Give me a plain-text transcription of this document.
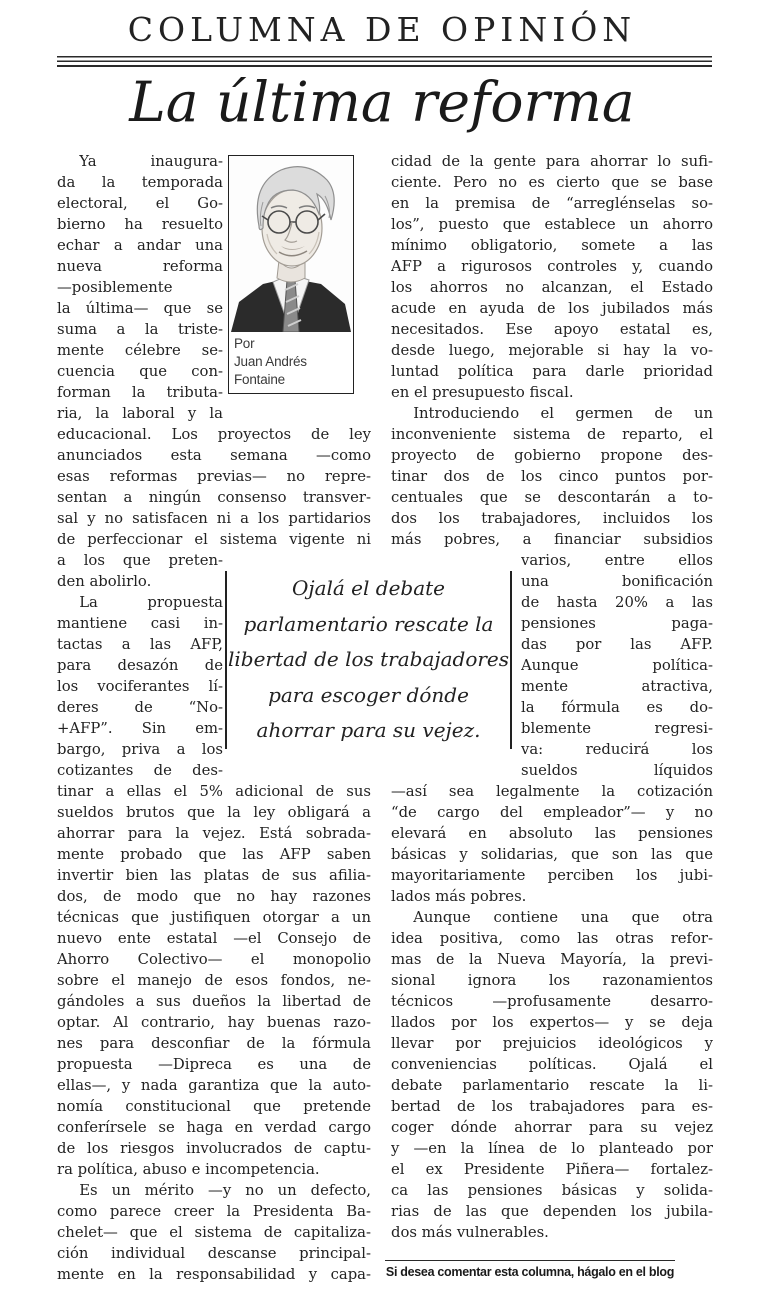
COLUMNA DE OPINIÓN
La última reforma
Ya inaugura-
da la temporada
electoral, el Go-
bierno ha resuelto
echar a andar una
nueva reforma
—posiblemente
la última— que se
suma a la triste-
mente célebre se-
cuencia que con-
forman la tributa-
ria, la laboral y la
Por
Juan Andrés
Fontaine
educacional. Los proyectos de ley
anunciados esta semana —como
esas reformas previas— no repre-
sentan a ningún consenso transver-
sal y no satisfacen ni a los partidarios
de perfeccionar el sistema vigente ni
a los que preten-
den abolirlo.
La propuesta
mantiene casi in-
tactas a las AFP,
para desazón de
los vociferantes lí-
deres de “No-
+AFP”. Sin em-
bargo, priva a los
cotizantes de des-
tinar a ellas el 5% adicional de sus
sueldos brutos que la ley obligará a
ahorrar para la vejez. Está sobrada-
mente probado que las AFP saben
invertir bien las platas de sus afilia-
dos, de modo que no hay razones
técnicas que justifiquen otorgar a un
nuevo ente estatal —el Consejo de
Ahorro Colectivo— el monopolio
sobre el manejo de esos fondos, ne-
gándoles a sus dueños la libertad de
optar. Al contrario, hay buenas razo-
nes para desconfiar de la fórmula
propuesta —Dipreca es una de
ellas—, y nada garantiza que la auto-
nomía constitucional que pretende
conferírsele se haga en verdad cargo
de los riesgos involucrados de captu-
ra política, abuso e incompetencia.
Es un mérito —y no un defecto,
como parece creer la Presidenta Ba-
chelet— que el sistema de capitaliza-
ción individual descanse principal-
mente en la responsabilidad y capa-
cidad de la gente para ahorrar lo sufi-
ciente. Pero no es cierto que se base
en la premisa de “arreglénselas so-
los”, puesto que establece un ahorro
mínimo obligatorio, somete a las
AFP a rigurosos controles y, cuando
los ahorros no alcanzan, el Estado
acude en ayuda de los jubilados más
necesitados. Ese apoyo estatal es,
desde luego, mejorable si hay la vo-
luntad política para darle prioridad
en el presupuesto fiscal.
Introduciendo el germen de un
inconveniente sistema de reparto, el
proyecto de gobierno propone des-
tinar dos de los cinco puntos por-
centuales que se descontarán a to-
dos los trabajadores, incluidos los
más pobres, a financiar subsidios
varios, entre ellos
una bonificación
de hasta 20% a las
pensiones paga-
das por las AFP.
Aunque política-
mente atractiva,
la fórmula es do-
blemente regresi-
va: reducirá los
sueldos líquidos
—así sea legalmente la cotización
“de cargo del empleador”— y no
elevará en absoluto las pensiones
básicas y solidarias, que son las que
mayoritariamente perciben los jubi-
lados más pobres.
Aunque contiene una que otra
idea positiva, como las otras refor-
mas de la Nueva Mayoría, la previ-
sional ignora los razonamientos
técnicos —profusamente desarro-
llados por los expertos— y se deja
llevar por prejuicios ideológicos y
conveniencias políticas. Ojalá el
debate parlamentario rescate la li-
bertad de los trabajadores para es-
coger dónde ahorrar para su vejez
y —en la línea de lo planteado por
el ex Presidente Piñera— fortalez-
ca las pensiones básicas y solida-
rias de las que dependen los jubila-
dos más vulnerables.
Ojalá el debate
parlamentario rescate la
libertad de los trabajadores
para escoger dónde
ahorrar para su vejez.
Si desea comentar esta columna, hágalo en el blog
